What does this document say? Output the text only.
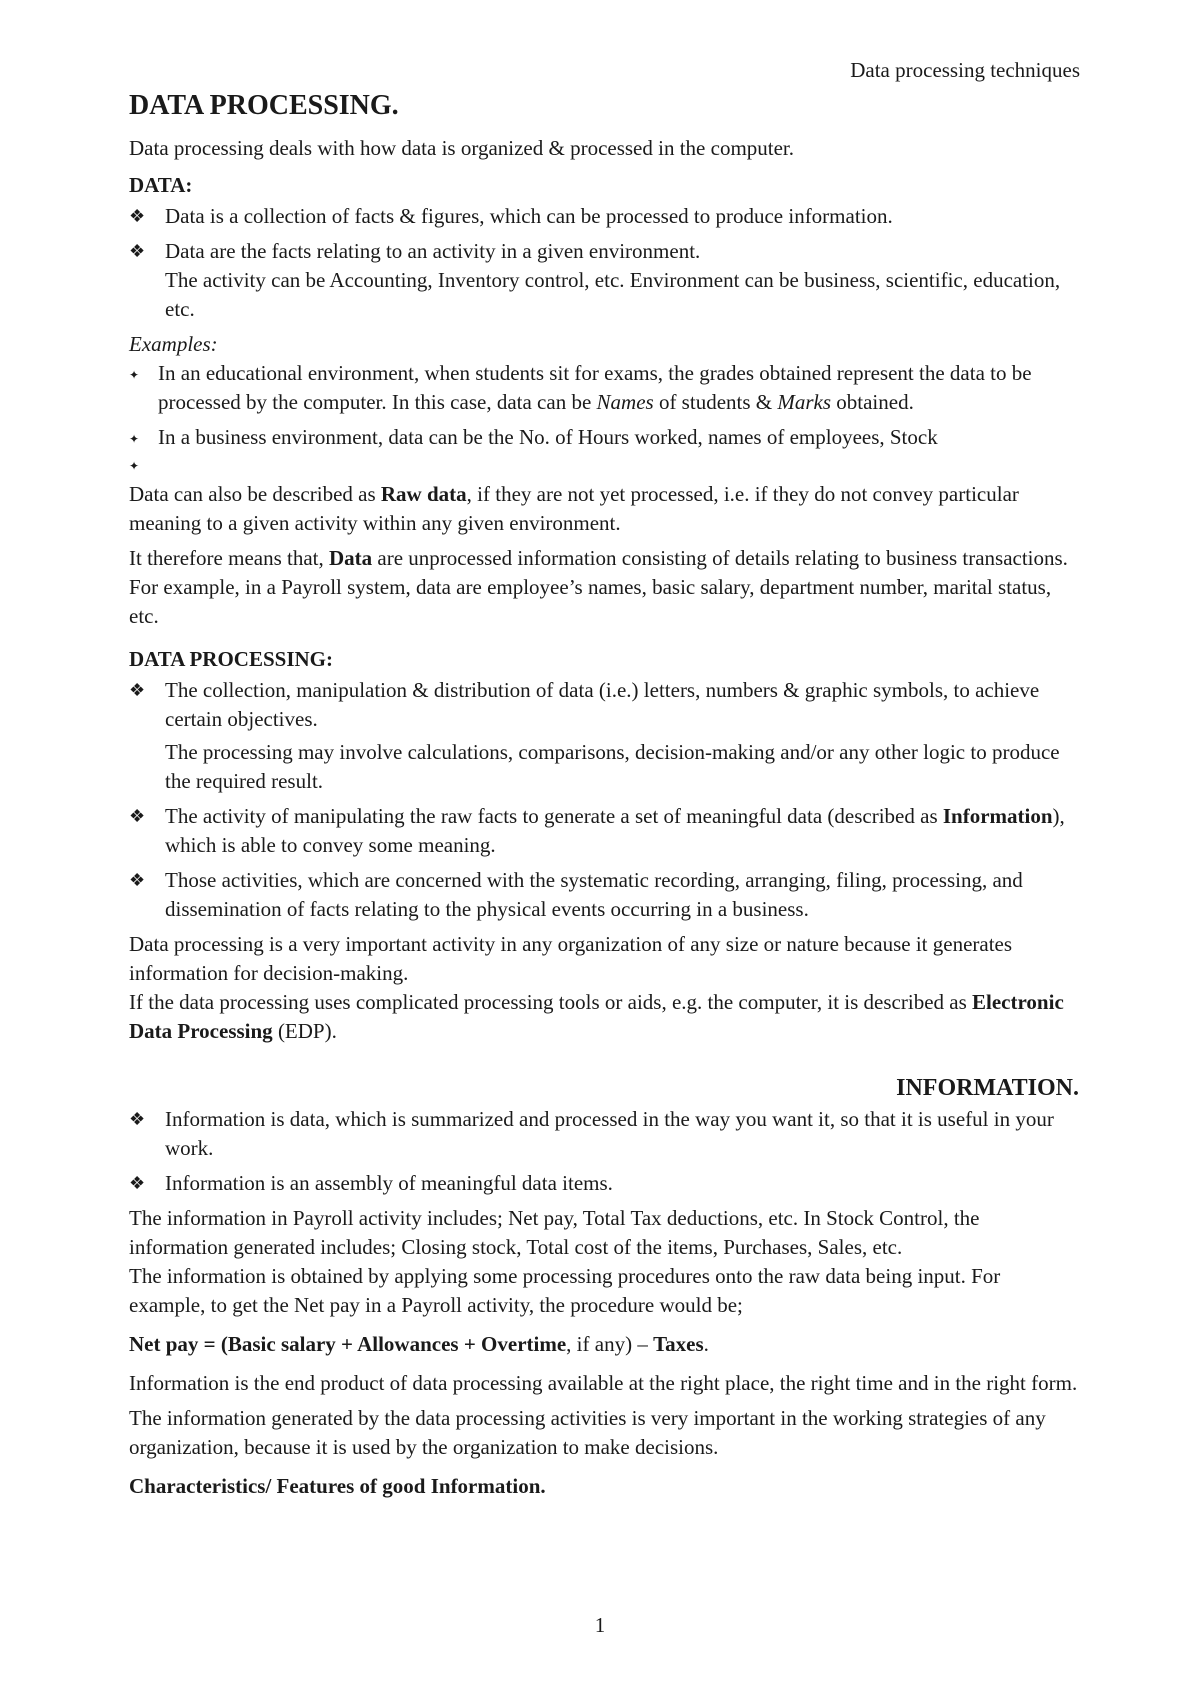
Data processing techniques
DATA PROCESSING.

Data processing deals with how data is organized & processed in the computer.

DATA:
❖ Data is a collection of facts & figures, which can be processed to produce information.
❖ Data are the facts relating to an activity in a given environment.
The activity can be Accounting, Inventory control, etc. Environment can be business, scientific, education, etc.

Examples:

✦ In an educational environment, when students sit for exams, the grades obtained represent the data to be processed by the computer. In this case, data can be Names of students & Marks obtained.
✦ In a business environment, data can be the No. of Hours worked, names of employees, Stock
✦

Data can also be described as Raw data, if they are not yet processed, i.e. if they do not convey particular meaning to a given activity within any given environment.

It therefore means that, Data are unprocessed information consisting of details relating to business transactions. For example, in a Payroll system, data are employee’s names, basic salary, department number, marital status, etc.

DATA PROCESSING:
❖ The collection, manipulation & distribution of data (i.e.) letters, numbers & graphic symbols, to achieve certain objectives.
The processing may involve calculations, comparisons, decision-making and/or any other logic to produce the required result.
❖ The activity of manipulating the raw facts to generate a set of meaningful data (described as Information), which is able to convey some meaning.
❖ Those activities, which are concerned with the systematic recording, arranging, filing, processing, and dissemination of facts relating to the physical events occurring in a business.

Data processing is a very important activity in any organization of any size or nature because it generates information for decision-making.

If the data processing uses complicated processing tools or aids, e.g. the computer, it is described as Electronic Data Processing (EDP).

INFORMATION.
❖ Information is data, which is summarized and processed in the way you want it, so that it is useful in your work.
❖ Information is an assembly of meaningful data items.

The information in Payroll activity includes; Net pay, Total Tax deductions, etc. In Stock Control, the information generated includes; Closing stock, Total cost of the items, Purchases, Sales, etc.

The information is obtained by applying some processing procedures onto the raw data being input. For example, to get the Net pay in a Payroll activity, the procedure would be;

Net pay = (Basic salary + Allowances + Overtime, if any) – Taxes.

Information is the end product of data processing available at the right place, the right time and in the right form.

The information generated by the data processing activities is very important in the working strategies of any organization, because it is used by the organization to make decisions.

Characteristics/ Features of good Information.
1
